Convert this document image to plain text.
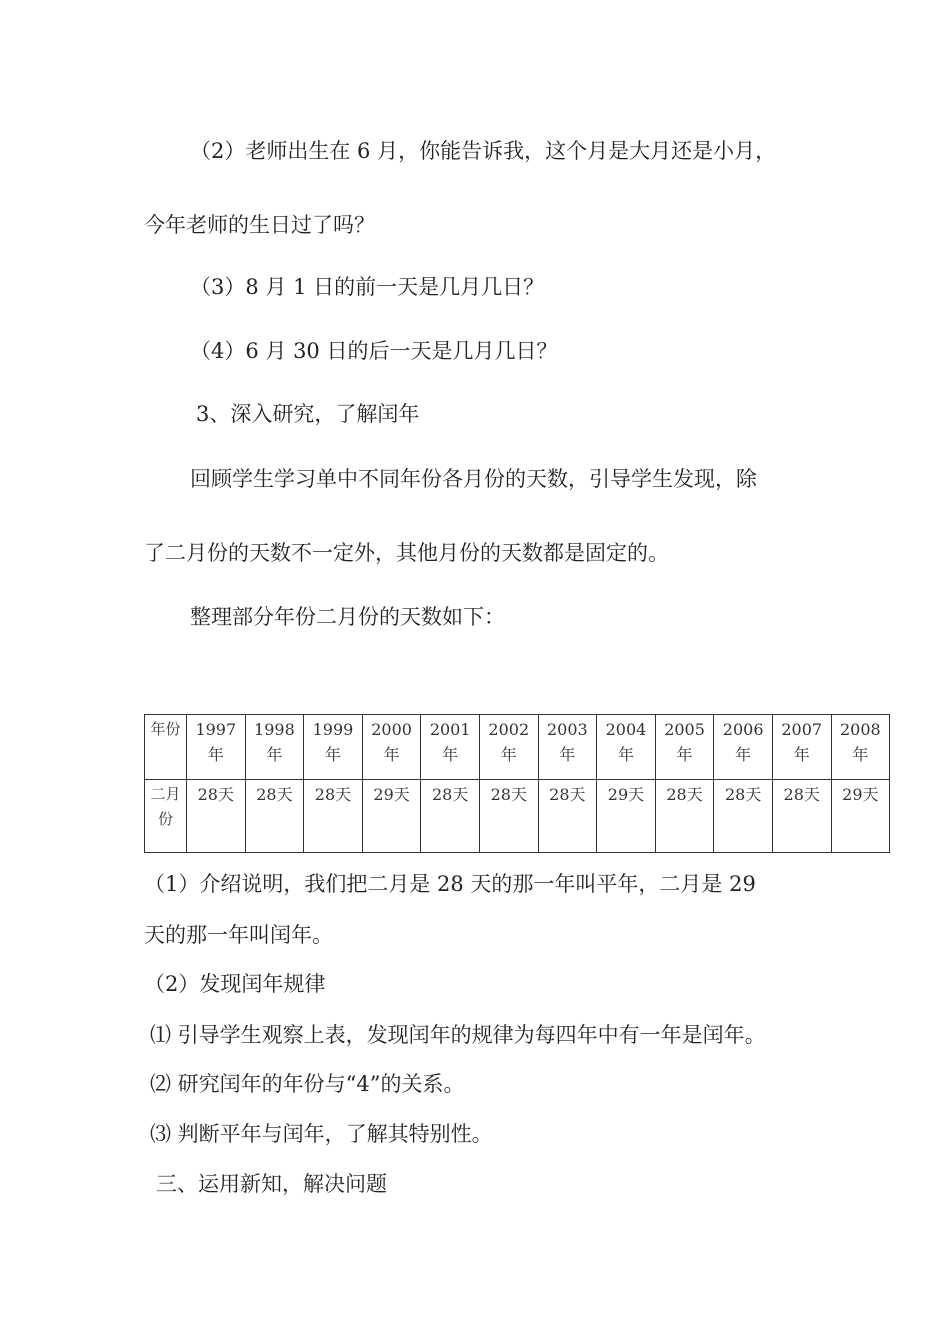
（2）老师出生在 6 月，你能告诉我，这个月是大月还是小月，
今年老师的生日过了吗？
（3）8 月 1 日的前一天是几月几日？
（4）6 月 30 日的后一天是几月几日？
3、深入研究，了解闰年
回顾学生学习单中不同年份各月份的天数，引导学生发现，除
了二月份的天数不一定外，其他月份的天数都是固定的。
整理部分年份二月份的天数如下：
年份	1997年	1998年	1999年	2000年	2001年	2002年	2003年	2004年	2005年	2006年	2007年	2008年
二月份	28天	28天	28天	29天	28天	28天	28天	29天	28天	28天	28天	29天
（1）介绍说明，我们把二月是 28 天的那一年叫平年，二月是 29
天的那一年叫闰年。
（2）发现闰年规律
⑴ 引导学生观察上表，发现闰年的规律为每四年中有一年是闰年。
⑵ 研究闰年的年份与“4”的关系。
⑶ 判断平年与闰年，了解其特别性。
三、运用新知，解决问题
